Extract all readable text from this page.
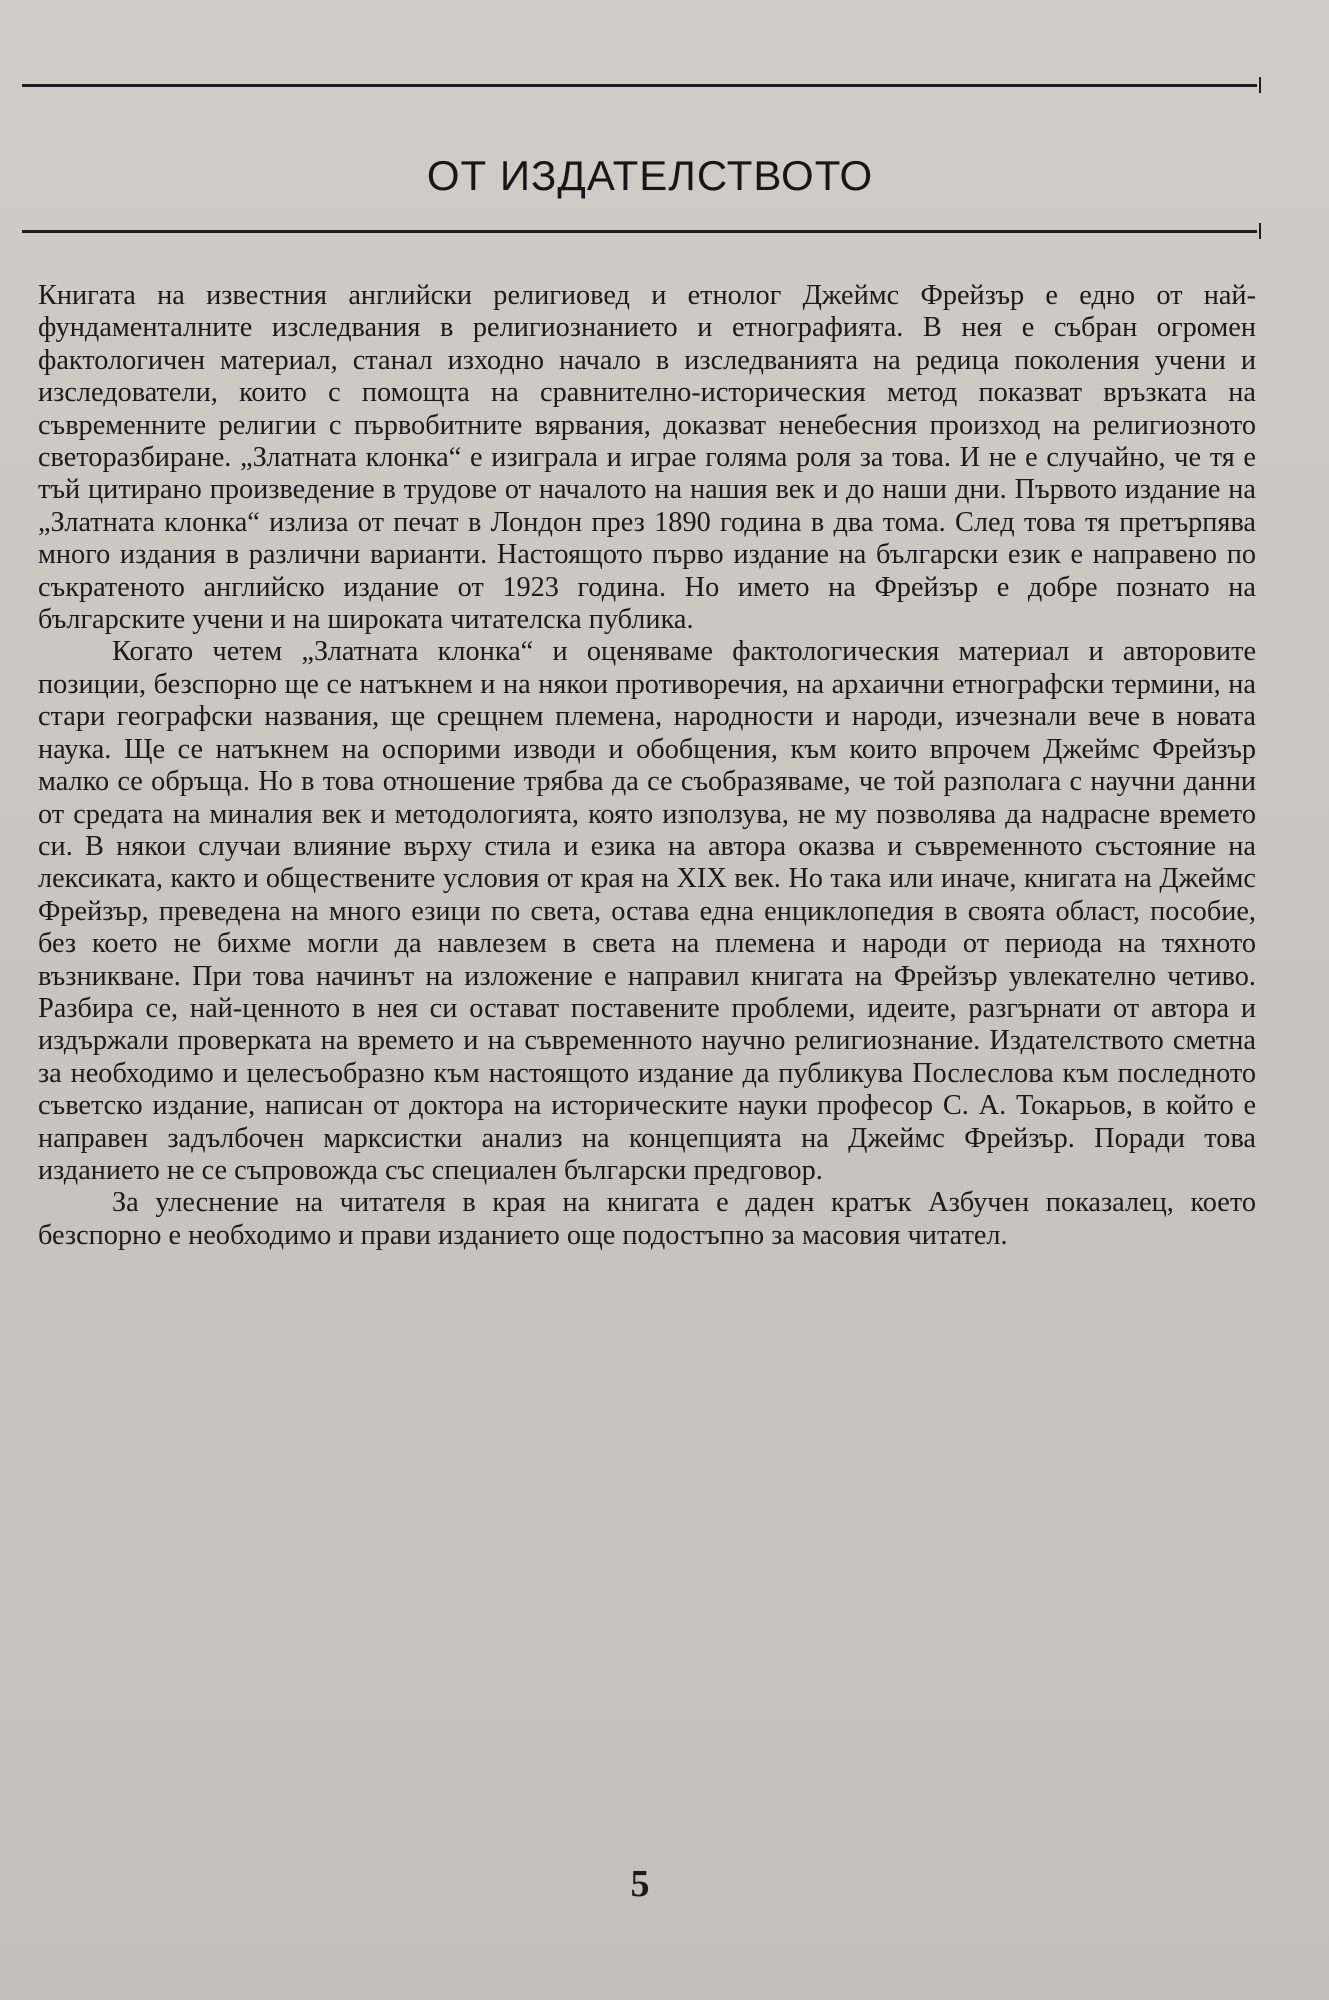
ОТ ИЗДАТЕЛСТВОТО

Книгата на известния английски религиовед и етнолог Джеймс Фрейзър е едно от най-фундаменталните изследвания в религиознанието и етнографията. В нея е събран огромен фактологичен материал, станал изходно начало в изследванията на редица поколения учени и изследователи, които с помощта на сравнително-историческия метод показват връзката на съвременните религии с първобитните вярвания, доказват ненебесния произход на религиозното светоразбиране. „Златната клонка“ е изиграла и играе голяма роля за това. И не е случайно, че тя е тъй цитирано произведение в трудове от началото на нашия век и до наши дни. Първото издание на „Златната клонка“ излиза от печат в Лондон през 1890 година в два тома. След това тя претърпява много издания в различни варианти. Настоящото първо издание на български език е направено по съкратеното английско издание от 1923 година. Но името на Фрейзър е добре познато на българските учени и на широката читателска публика.

Когато четем „Златната клонка“ и оценяваме фактологическия материал и авторовите позиции, безспорно ще се натъкнем и на някои противоречия, на архаични етнографски термини, на стари географски названия, ще срещнем племена, народности и народи, изчезнали вече в новата наука. Ще се натъкнем на оспорими изводи и обобщения, към които впрочем Джеймс Фрейзър малко се обръща. Но в това отношение трябва да се съобразяваме, че той разполага с научни данни от средата на миналия век и методологията, която използува, не му позволява да надрасне времето си. В някои случаи влияние върху стила и езика на автора оказва и съвременното състояние на лексиката, както и обществените условия от края на XIX век. Но така или иначе, книгата на Джеймс Фрейзър, преведена на много езици по света, остава една енциклопедия в своята област, пособие, без което не бихме могли да навлезем в света на племена и народи от периода на тяхното възникване. При това начинът на изложение е направил книгата на Фрейзър увлекателно четиво. Разбира се, най-ценното в нея си остават поставените проблеми, идеите, разгърнати от автора и издържали проверката на времето и на съвременното научно религиознание. Издателството сметна за необходимо и целесъобразно към настоящото издание да публикува Послеслова към последното съветско издание, написан от доктора на историческите науки професор С. А. Токарьов, в който е направен задълбочен марксистки анализ на концепцията на Джеймс Фрейзър. Поради това изданието не се съпровожда със специален български предговор.

За улеснение на читателя в края на книгата е даден кратък Азбучен показалец, което безспорно е необходимо и прави изданието още подостъпно за масовия читател.

5
